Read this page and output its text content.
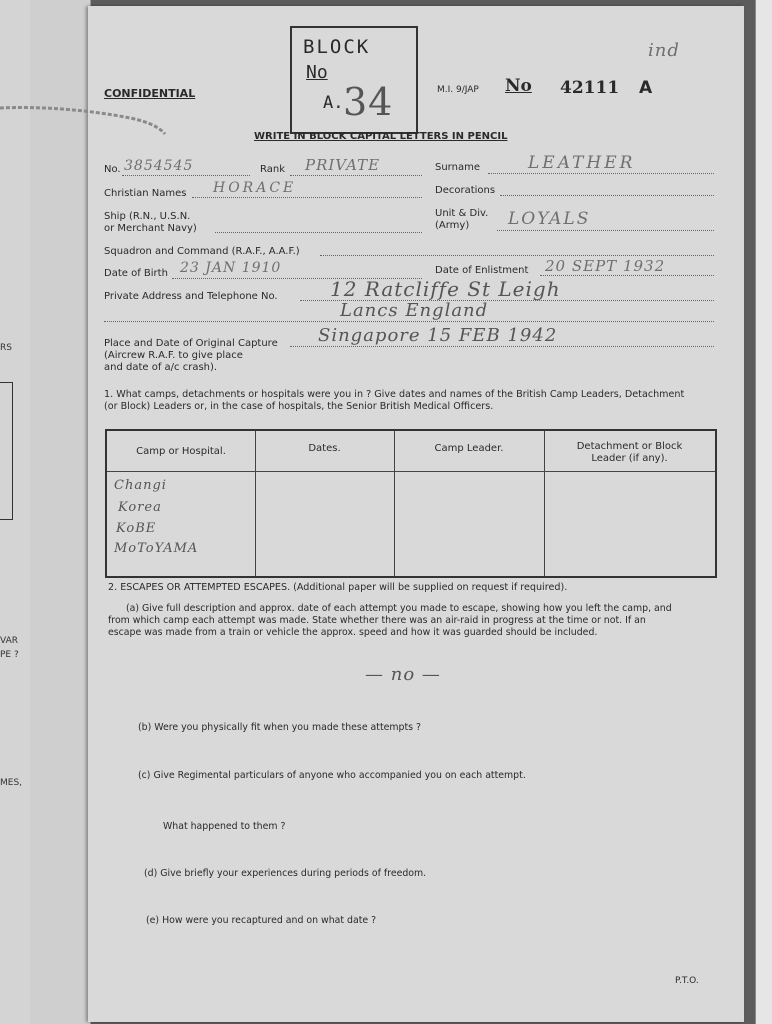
RS
VAR
PE ?
MES,
CONFIDENTIAL
BLOCK
No
A. 34	M.I. 9/JAP No 42111 A
ind
WRITE IN BLOCK CAPITAL LETTERS IN PENCIL
No. 3854545	Rank PRIVATE	Surname	LEATHER
Christian Names HORACE	Decorations
Ship (R.N., U.S.N.
or Merchant Navy)
Unit & Div.
(Army) LOYALS
Squadron and Command (R.A.F., A.A.F.)
Date of Birth 23 JAN 1910	Date of Enlistment 20 SEPT 1932
Private Address and Telephone No.	12 Ratcliffe St Leigh
Lancs England
Place and Date of Original Capture
(Aircrew R.A.F. to give place
and date of a/c crash).
Singapore 15 FEB 1942
1. What camps, detachments or hospitals were you in ? Give dates and names of the British Camp Leaders, Detachment
(or Block) Leaders or, in the case of hospitals, the Senior British Medical Officers.
Camp or Hospital.	Dates.	Camp Leader.	Detachment or Block
Leader (if any).
Changi
Korea
KoBE
MoToYAMA
2. ESCAPES OR ATTEMPTED ESCAPES. (Additional paper will be supplied on request if required).
(a) Give full description and approx. date of each attempt you made to escape, showing how you left the camp, and
from which camp each attempt was made. State whether there was an air-raid in progress at the time or not. If an
escape was made from a train or vehicle the approx. speed and how it was guarded should be included.
— no —
(b) Were you physically fit when you made these attempts ?
(c) Give Regimental particulars of anyone who accompanied you on each attempt.
What happened to them ?
(d) Give briefly your experiences during periods of freedom.
(e) How were you recaptured and on what date ?
P.T.O.
